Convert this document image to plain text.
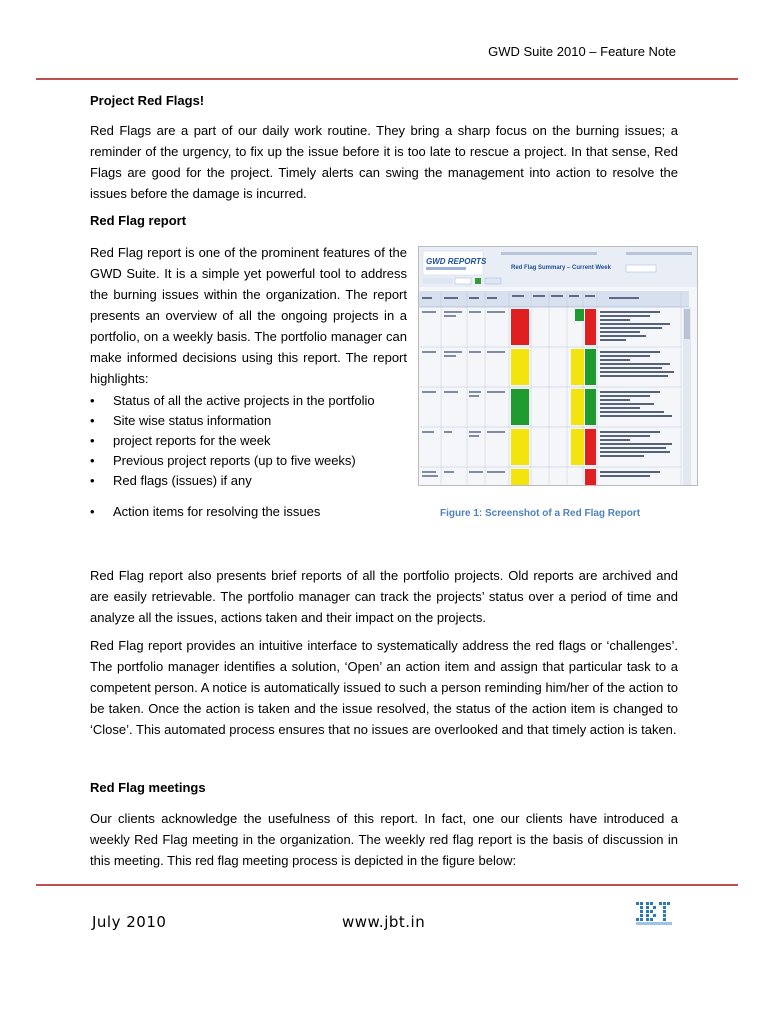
GWD Suite 2010 – Feature Note
Project Red Flags!
Red Flags are a part of our daily work routine. They bring a sharp focus on the burning issues; a reminder of the urgency, to fix up the issue before it is too late to rescue a project. In that sense, Red Flags are good for the project. Timely alerts can swing the management into action to resolve the issues before the damage is incurred.
Red Flag report
Red Flag report is one of the prominent features of the GWD Suite. It is a simple yet powerful tool to address the burning issues within the organization. The report presents an overview of all the ongoing projects in a portfolio, on a weekly basis. The portfolio manager can make informed decisions using this report. The report highlights:
• Status of all the active projects in the portfolio
• Site wise status information
• project reports for the week
• Previous project reports (up to five weeks)
• Red flags (issues) if any
• Action items for resolving the issues
GWD REPORTS
Red Flag Summary – Current Week
Figure 1: Screenshot of a Red Flag Report
Red Flag report also presents brief reports of all the portfolio projects. Old reports are archived and are easily retrievable. The portfolio manager can track the projects’ status over a period of time and analyze all the issues, actions taken and their impact on the projects.
Red Flag report provides an intuitive interface to systematically address the red flags or ‘challenges’. The portfolio manager identifies a solution, ‘Open’ an action item and assign that particular task to a competent person. A notice is automatically issued to such a person reminding him/her of the action to be taken. Once the action is taken and the issue resolved, the status of the action item is changed to ‘Close’. This automated process ensures that no issues are overlooked and that timely action is taken.
Red Flag meetings
Our clients acknowledge the usefulness of this report. In fact, one our clients have introduced a weekly Red Flag meeting in the organization. The weekly red flag report is the basis of discussion in this meeting. This red flag meeting process is depicted in the figure below:
July 2010	www.jbt.in
